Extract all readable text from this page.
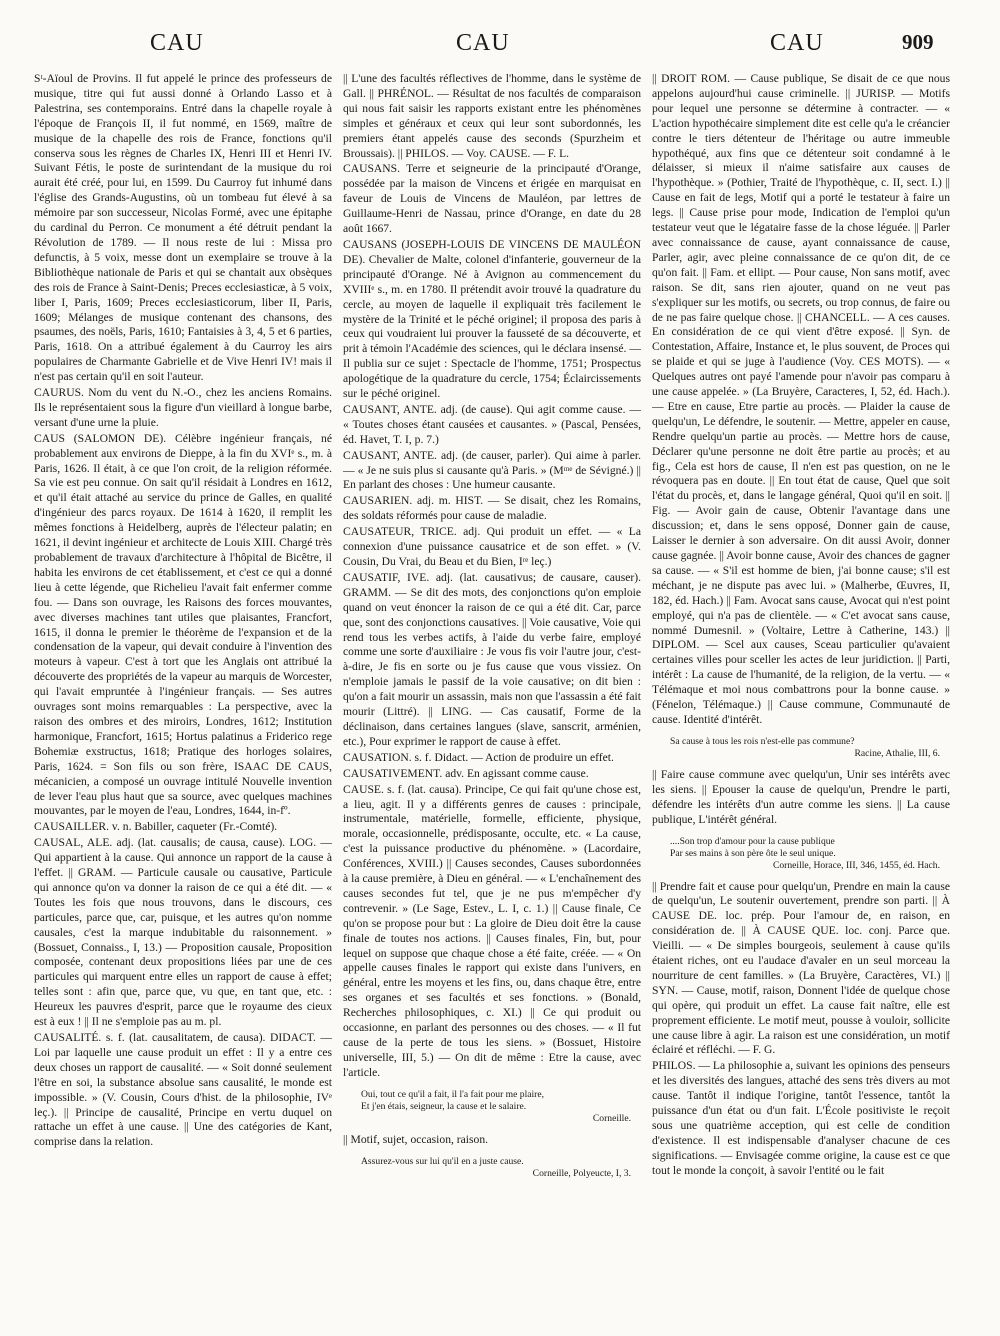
CAU	CAU	CAU	909

Sᵗ-Aïoul de Provins. Il fut appelé le prince des professeurs de musique, titre qui fut aussi donné à Orlando Lasso et à Palestrina, ses contemporains. Entré dans la chapelle royale à l'époque de François II, il fut nommé, en 1569, maître de musique de la chapelle des rois de France, fonctions qu'il conserva sous les règnes de Charles IX, Henri III et Henri IV. Suivant Fétis, le poste de surintendant de la musique du roi aurait été créé, pour lui, en 1599. Du Caurroy fut inhumé dans l'église des Grands-Augustins, où un tombeau fut élevé à sa mémoire par son successeur, Nicolas Formé, avec une épitaphe du cardinal du Perron. Ce monument a été détruit pendant la Révolution de 1789. — Il nous reste de lui : Missa pro defunctis, à 5 voix, messe dont un exemplaire se trouve à la Bibliothèque nationale de Paris et qui se chantait aux obsèques des rois de France à Saint-Denis; Preces ecclesiasticæ, à 5 voix, liber I, Paris, 1609; Preces ecclesiasticorum, liber II, Paris, 1609; Mélanges de musique contenant des chansons, des psaumes, des noëls, Paris, 1610; Fantaisies à 3, 4, 5 et 6 parties, Paris, 1618. On a attribué également à du Caurroy les airs populaires de Charmante Gabrielle et de Vive Henri IV! mais il n'est pas certain qu'il en soit l'auteur.

CAURUS. Nom du vent du N.-O., chez les anciens Romains. Ils le représentaient sous la figure d'un vieillard à longue barbe, versant d'une urne la pluie.

CAUS (SALOMON DE). Célèbre ingénieur français, né probablement aux environs de Dieppe, à la fin du XVIᵉ s., m. à Paris, 1626. Il était, à ce que l'on croit, de la religion réformée. Sa vie est peu connue. On sait qu'il résidait à Londres en 1612, et qu'il était attaché au service du prince de Galles, en qualité d'ingénieur des parcs royaux. De 1614 à 1620, il remplit les mêmes fonctions à Heidelberg, auprès de l'électeur palatin; en 1621, il devint ingénieur et architecte de Louis XIII. Chargé très probablement de travaux d'architecture à l'hôpital de Bicêtre, il habita les environs de cet établissement, et c'est ce qui a donné lieu à cette légende, que Richelieu l'avait fait enfermer comme fou. — Dans son ouvrage, les Raisons des forces mouvantes, avec diverses machines tant utiles que plaisantes, Francfort, 1615, il donna le premier le théorème de l'expansion et de la condensation de la vapeur, qui devait conduire à l'invention des moteurs à vapeur. C'est à tort que les Anglais ont attribué la découverte des propriétés de la vapeur au marquis de Worcester, qui l'avait empruntée à l'ingénieur français. — Ses autres ouvrages sont moins remarquables : La perspective, avec la raison des ombres et des miroirs, Londres, 1612; Institution harmonique, Francfort, 1615; Hortus palatinus a Friderico rege Bohemiæ exstructus, 1618; Pratique des horloges solaires, Paris, 1624. = Son fils ou son frère, ISAAC DE CAUS, mécanicien, a composé un ouvrage intitulé Nouvelle invention de lever l'eau plus haut que sa source, avec quelques machines mouvantes, par le moyen de l'eau, Londres, 1644, in-fº.

CAUSAILLER. v. n. Babiller, caqueter (Fr.-Comté).

CAUSAL, ALE. adj. (lat. causalis; de causa, cause). LOG. — Qui appartient à la cause. Qui annonce un rapport de la cause à l'effet. || GRAM. — Particule causale ou causative, Particule qui annonce qu'on va donner la raison de ce qui a été dit. — « Toutes les fois que nous trouvons, dans le discours, ces particules, parce que, car, puisque, et les autres qu'on nomme causales, c'est la marque indubitable du raisonnement. » (Bossuet, Connaiss., I, 13.) — Proposition causale, Proposition composée, contenant deux propositions liées par une de ces particules qui marquent entre elles un rapport de cause à effet; telles sont : afin que, parce que, vu que, en tant que, etc. : Heureux les pauvres d'esprit, parce que le royaume des cieux est à eux ! || Il ne s'emploie pas au m. pl.

CAUSALITÉ. s. f. (lat. causalitatem, de causa). DIDACT. — Loi par laquelle une cause produit un effet : Il y a entre ces deux choses un rapport de causalité. — « Soit donné seulement l'être en soi, la substance absolue sans causalité, le monde est impossible. » (V. Cousin, Cours d'hist. de la philosophie, IVᵉ leç.). || Principe de causalité, Principe en vertu duquel on rattache un effet à une cause. || Une des catégories de Kant, comprise dans la relation.

|| L'une des facultés réflectives de l'homme, dans le système de Gall. || PHRÉNOL. — Résultat de nos facultés de comparaison qui nous fait saisir les rapports existant entre les phénomènes simples et généraux et ceux qui leur sont subordonnés, les premiers étant appelés cause des seconds (Spurzheim et Broussais). || PHILOS. — Voy. CAUSE. — F. L.

CAUSANS. Terre et seigneurie de la principauté d'Orange, possédée par la maison de Vincens et érigée en marquisat en faveur de Louis de Vincens de Mauléon, par lettres de Guillaume-Henri de Nassau, prince d'Orange, en date du 28 août 1667.

CAUSANS (JOSEPH-LOUIS DE VINCENS DE MAULÉON DE). Chevalier de Malte, colonel d'infanterie, gouverneur de la principauté d'Orange. Né à Avignon au commencement du XVIIIᵉ s., m. en 1780. Il prétendit avoir trouvé la quadrature du cercle, au moyen de laquelle il expliquait très facilement le mystère de la Trinité et le péché originel; il proposa des paris à ceux qui voudraient lui prouver la fausseté de sa découverte, et prit à témoin l'Académie des sciences, qui le déclara insensé. — Il publia sur ce sujet : Spectacle de l'homme, 1751; Prospectus apologétique de la quadrature du cercle, 1754; Éclaircissements sur le péché originel.

CAUSANT, ANTE. adj. (de cause). Qui agit comme cause. — « Toutes choses étant causées et causantes. » (Pascal, Pensées, éd. Havet, T. I, p. 7.)

CAUSANT, ANTE. adj. (de causer, parler). Qui aime à parler. — « Je ne suis plus si causante qu'à Paris. » (Mᵐᵉ de Sévigné.) || En parlant des choses : Une humeur causante.

CAUSARIEN. adj. m. HIST. — Se disait, chez les Romains, des soldats réformés pour cause de maladie.

CAUSATEUR, TRICE. adj. Qui produit un effet. — « La connexion d'une puissance causatrice et de son effet. » (V. Cousin, Du Vrai, du Beau et du Bien, Iʳᵉ leç.)

CAUSATIF, IVE. adj. (lat. causativus; de causare, causer). GRAMM. — Se dit des mots, des conjonctions qu'on emploie quand on veut énoncer la raison de ce qui a été dit. Car, parce que, sont des conjonctions causatives. || Voie causative, Voie qui rend tous les verbes actifs, à l'aide du verbe faire, employé comme une sorte d'auxiliaire : Je vous fis voir l'autre jour, c'est-à-dire, Je fis en sorte ou je fus cause que vous vissiez. On n'emploie jamais le passif de la voie causative; on dit bien : qu'on a fait mourir un assassin, mais non que l'assassin a été fait mourir (Littré). || LING. — Cas causatif, Forme de la déclinaison, dans certaines langues (slave, sanscrit, arménien, etc.), Pour exprimer le rapport de cause à effet.

CAUSATION. s. f. Didact. — Action de produire un effet.

CAUSATIVEMENT. adv. En agissant comme cause.

CAUSE. s. f. (lat. causa). Principe, Ce qui fait qu'une chose est, a lieu, agit. Il y a différents genres de causes : principale, instrumentale, matérielle, formelle, efficiente, physique, morale, occasionnelle, prédisposante, occulte, etc. « La cause, c'est la puissance productive du phénomène. » (Lacordaire, Conférences, XVIII.) || Causes secondes, Causes subordonnées à la cause première, à Dieu en général. — « L'enchaînement des causes secondes fut tel, que je ne pus m'empêcher d'y contrevenir. » (Le Sage, Estev., L. I, c. 1.) || Cause finale, Ce qu'on se propose pour but : La gloire de Dieu doit être la cause finale de toutes nos actions. || Causes finales, Fin, but, pour lequel on suppose que chaque chose a été faite, créée. — « On appelle causes finales le rapport qui existe dans l'univers, en général, entre les moyens et les fins, ou, dans chaque être, entre ses organes et ses facultés et ses fonctions. » (Bonald, Recherches philosophiques, c. XI.) || Ce qui produit ou occasionne, en parlant des personnes ou des choses. — « Il fut cause de la perte de tous les siens. » (Bossuet, Histoire universelle, III, 5.) — On dit de même : Etre la cause, avec l'article.

Oui, tout ce qu'il a fait, il l'a fait pour me plaire,
Et j'en étais, seigneur, la cause et le salaire.
Corneille.

|| Motif, sujet, occasion, raison.

Assurez-vous sur lui qu'il en a juste cause.
Corneille, Polyeucte, I, 3.

|| DROIT ROM. — Cause publique, Se disait de ce que nous appelons aujourd'hui cause criminelle. || JURISP. — Motifs pour lequel une personne se détermine à contracter. — « L'action hypothécaire simplement dite est celle qu'a le créancier contre le tiers détenteur de l'héritage ou autre immeuble hypothéqué, aux fins que ce détenteur soit condamné à le délaisser, si mieux il n'aime satisfaire aux causes de l'hypothèque. » (Pothier, Traité de l'hypothèque, c. II, sect. I.) || Cause en fait de legs, Motif qui a porté le testateur à faire un legs. || Cause prise pour mode, Indication de l'emploi qu'un testateur veut que le légataire fasse de la chose léguée. || Parler avec connaissance de cause, ayant connaissance de cause, Parler, agir, avec pleine connaissance de ce qu'on dit, de ce qu'on fait. || Fam. et ellipt. — Pour cause, Non sans motif, avec raison. Se dit, sans rien ajouter, quand on ne veut pas s'expliquer sur les motifs, ou secrets, ou trop connus, de faire ou de ne pas faire quelque chose. || CHANCELL. — A ces causes. En considération de ce qui vient d'être exposé. || Syn. de Contestation, Affaire, Instance et, le plus souvent, de Proces qui se plaide et qui se juge à l'audience (Voy. CES MOTS). — « Quelques autres ont payé l'amende pour n'avoir pas comparu à une cause appelée. » (La Bruyère, Caracteres, I, 52, éd. Hach.). — Etre en cause, Etre partie au procès. — Plaider la cause de quelqu'un, Le défendre, le soutenir. — Mettre, appeler en cause, Rendre quelqu'un partie au procès. — Mettre hors de cause, Déclarer qu'une personne ne doit être partie au procès; et au fig., Cela est hors de cause, Il n'en est pas question, on ne le révoquera pas en doute. || En tout état de cause, Quel que soit l'état du procès, et, dans le langage général, Quoi qu'il en soit. || Fig. — Avoir gain de cause, Obtenir l'avantage dans une discussion; et, dans le sens opposé, Donner gain de cause, Laisser le dernier à son adversaire. On dit aussi Avoir, donner cause gagnée. || Avoir bonne cause, Avoir des chances de gagner sa cause. — « S'il est homme de bien, j'ai bonne cause; s'il est méchant, je ne dispute pas avec lui. » (Malherbe, Œuvres, II, 182, éd. Hach.) || Fam. Avocat sans cause, Avocat qui n'est point employé, qui n'a pas de clientèle. — « C'et avocat sans cause, nommé Dumesnil. » (Voltaire, Lettre à Catherine, 143.) || DIPLOM. — Scel aux causes, Sceau particulier qu'avaient certaines villes pour sceller les actes de leur juridiction. || Parti, intérêt : La cause de l'humanité, de la religion, de la vertu. — « Télémaque et moi nous combattrons pour la bonne cause. » (Fénelon, Télémaque.) || Cause commune, Communauté de cause. Identité d'intérêt.

Sa cause à tous les rois n'est-elle pas commune?
Racine, Athalie, III, 6.

|| Faire cause commune avec quelqu'un, Unir ses intérêts avec les siens. || Epouser la cause de quelqu'un, Prendre le parti, défendre les intérêts d'un autre comme les siens. || La cause publique, L'intérêt général.

....Son trop d'amour pour la cause publique
Par ses mains à son père ôte le seul unique.
Corneille, Horace, III, 346, 1455, éd. Hach.

|| Prendre fait et cause pour quelqu'un, Prendre en main la cause de quelqu'un, Le soutenir ouvertement, prendre son parti. || À CAUSE DE. loc. prép. Pour l'amour de, en raison, en considération de. || À CAUSE QUE. loc. conj. Parce que. Vieilli. — « De simples bourgeois, seulement à cause qu'ils étaient riches, ont eu l'audace d'avaler en un seul morceau la nourriture de cent familles. » (La Bruyère, Caractères, VI.) || SYN. — Cause, motif, raison, Donnent l'idée de quelque chose qui opère, qui produit un effet. La cause fait naître, elle est proprement efficiente. Le motif meut, pousse à vouloir, sollicite une cause libre à agir. La raison est une considération, un motif éclairé et réfléchi. — F. G.

PHILOS. — La philosophie a, suivant les opinions des penseurs et les diversités des langues, attaché des sens très divers au mot cause. Tantôt il indique l'origine, tantôt l'essence, tantôt la puissance d'un état ou d'un fait. L'École positiviste le reçoit sous une quatrième acception, qui est celle de condition d'existence. Il est indispensable d'analyser chacune de ces significations. — Envisagée comme origine, la cause est ce que tout le monde la conçoit, à savoir l'entité ou le fait
